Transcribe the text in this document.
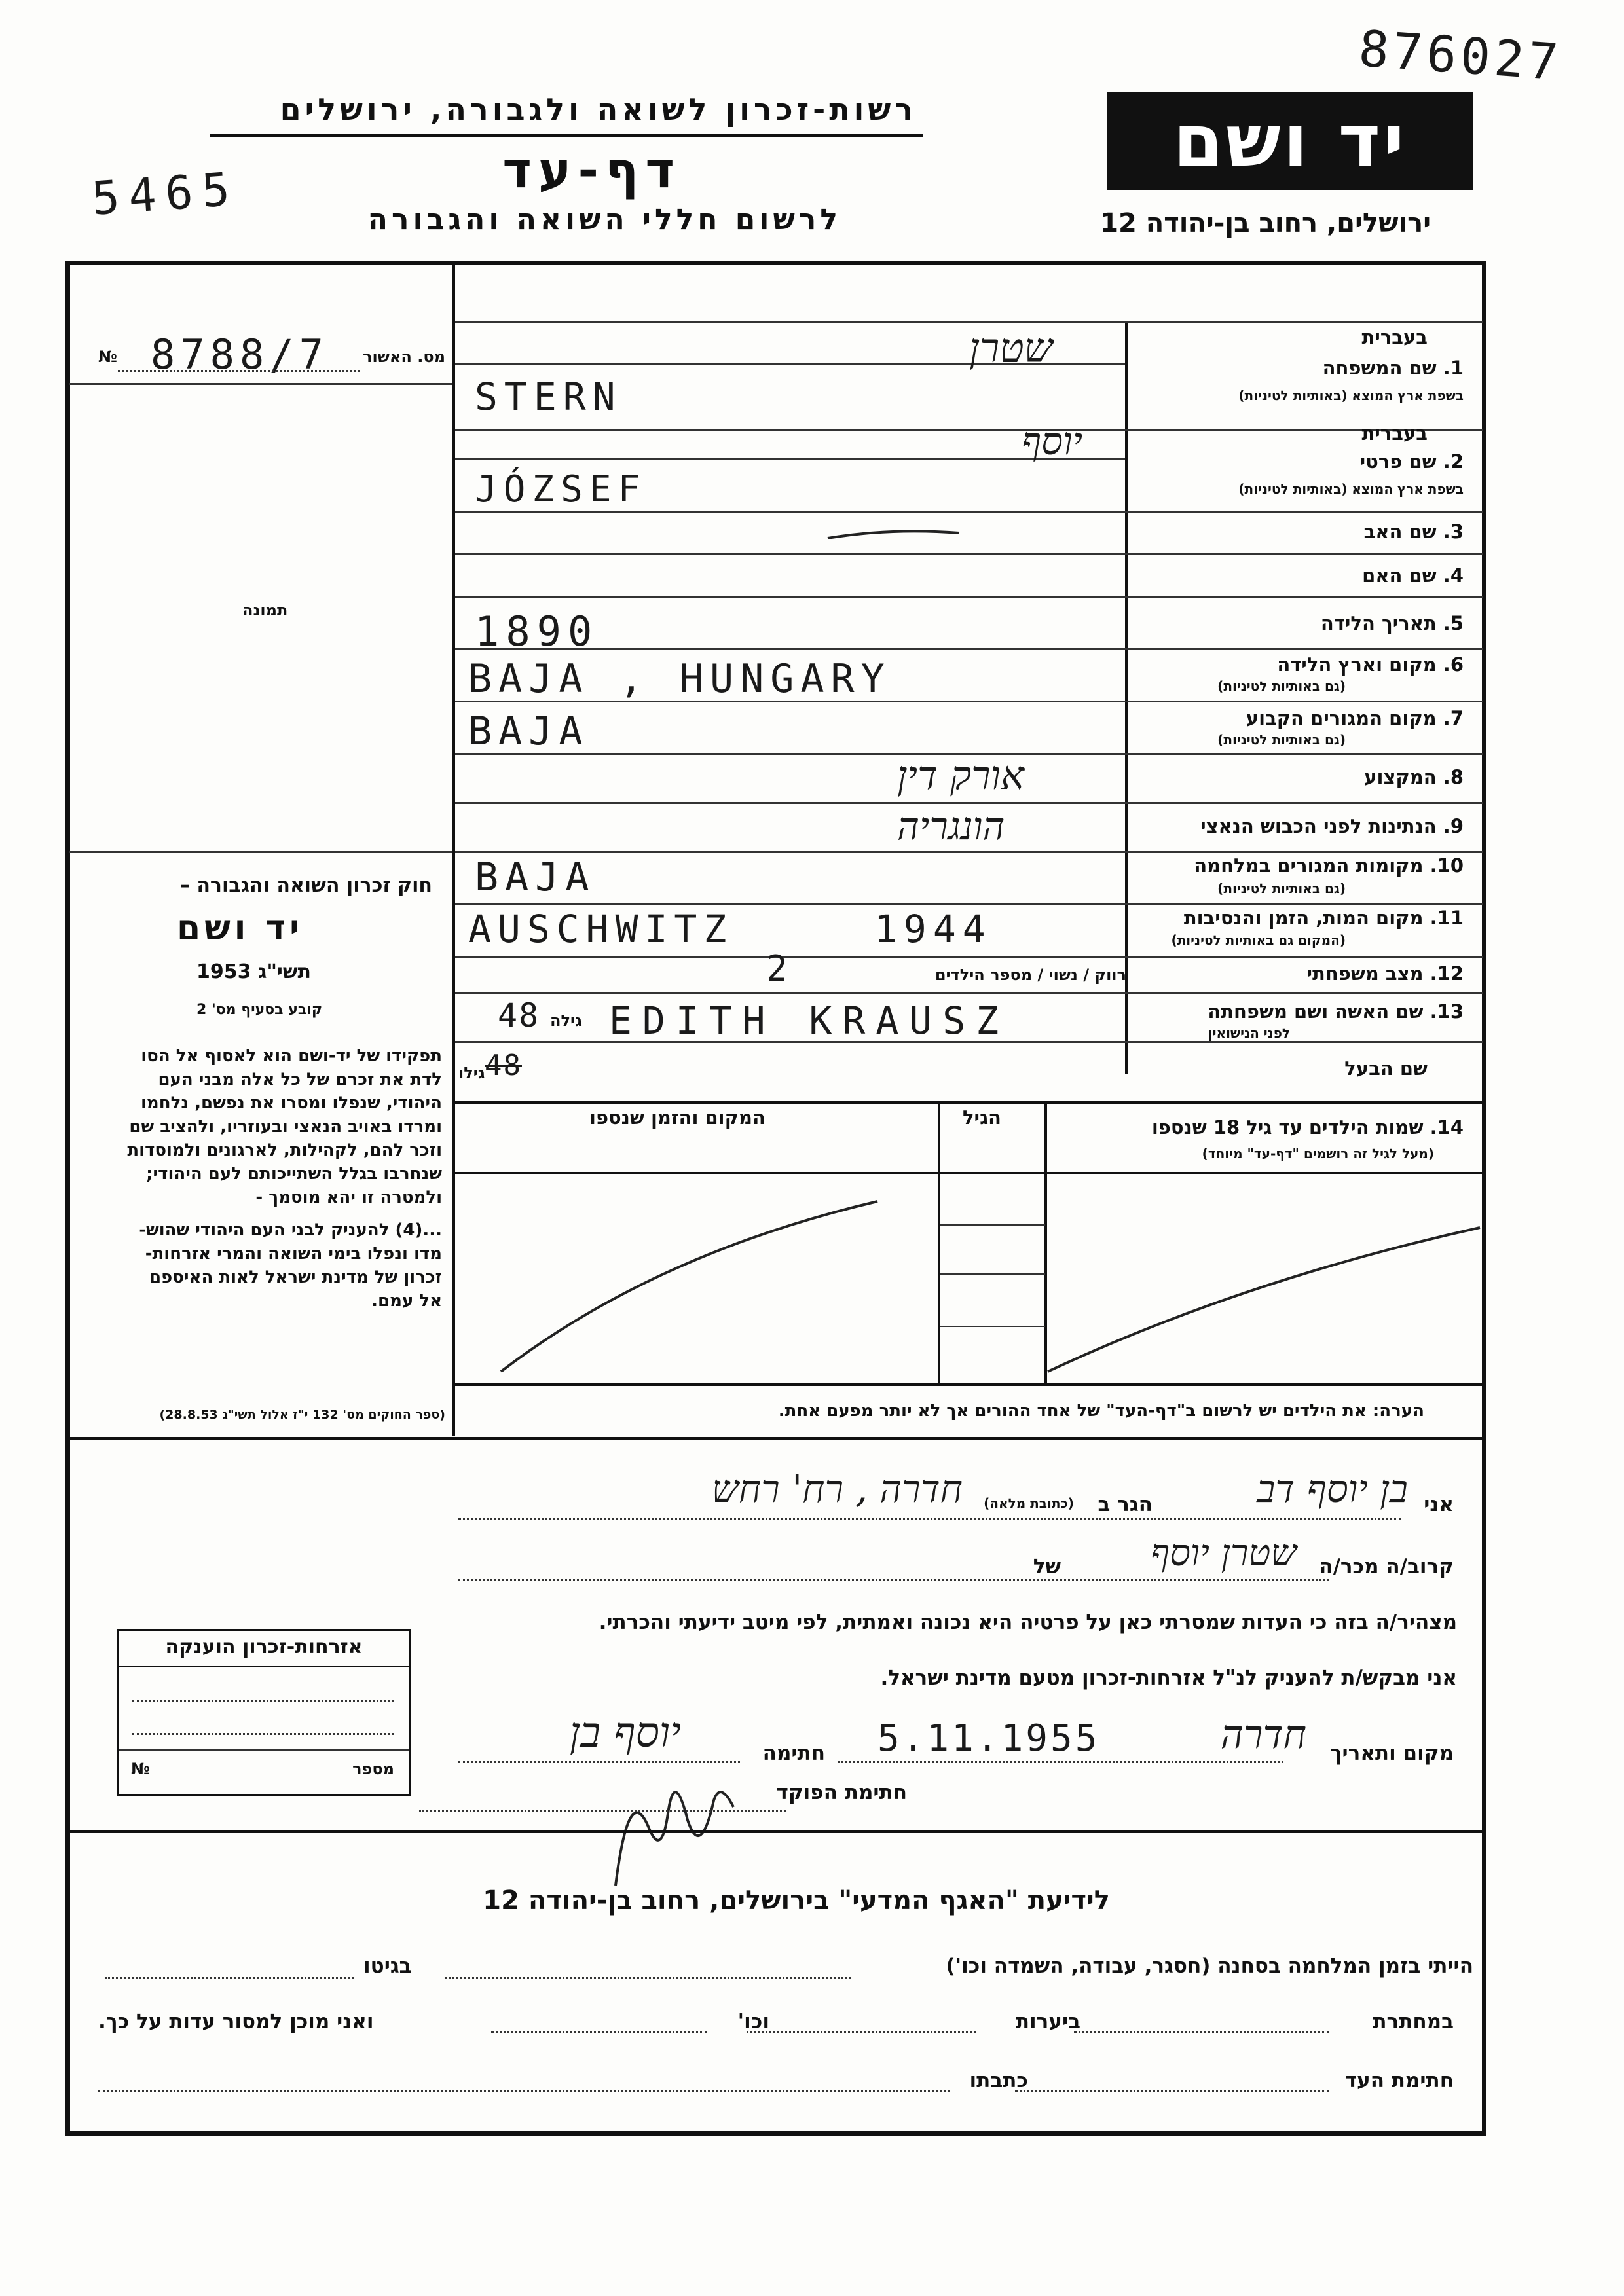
876027
5465
רשות-זכרון לשואה ולגבורה, ירושלים
דף-עד
לרשום חללי השואה והגבורה
יד ושם
ירושלים, רחוב בן-יהודה 12
№ 8788/7 מס. האשור
תמונה
חוק זכרון השואה והגבורה –
יד ושם
תשי"ג 1953
קובע בסעיף מס' 2
תפקידו של יד-ושם הוא לאסוף אל הסו
לדת את זכרם של כל אלה מבני העם
היהודי, שנפלו ומסרו את נפשם, נלחמו
ומרדו באויב הנאצי ובעוזריו, ולהציב שם
וזכר להם, לקהילות, לארגונים ולמוסדות
שנחרבו בגלל השתייכותם לעם היהודי;
ולמטרה זו יהא מוסמך -
...(4) להעניק לבני העם היהודי שהוש-
מדו ונפלו בימי השואה והמרי אזרחות-
זכרון של מדינת ישראל לאות האיספם
אל עמם.
(ספר החוקים מס' 132 י"ז אלול תשי"ג 28.8.53)
בעברית
1. שם המשפחה
בשפת ארץ המוצא (באותיות לטיניות)
שטרן
STERN
בעברית
2. שם פרטי
בשפת ארץ המוצא (באותיות לטיניות)
יוסף
JÓZSEF
3. שם האב
4. שם האם
5. תאריך הלידה
1890
6. מקום וארץ הלידה
(גם באותיות לטיניות)
BAJA , HUNGARY
7. מקום המגורים הקבוע
(גם באותיות לטיניות)
BAJA
8. המקצוע
אורק דין
9. הנתינות לפני הכבוש הנאצי
הונגריה
10. מקומות המגורים במלחמה
(גם באותיות לטיניות)
BAJA
11. מקום המות, הזמן והנסיבות
(המקום גם באותיות לטיניות)
AUSCHWITZ	1944
12. מצב משפחתי
רווק / נשוי / מספר הילדים
2
13. שם האשה ושם משפחתה
לפני הנישואין
48 גילה EDITH KRAUSZ
שם הבעל
48
גילו
14. שמות הילדים עד גיל 18 שנספו
(מעל לגיל זה רושמים "דף-עד" מיוחד)
הגיל
המקום והזמן שנספו
הערה: את הילדים יש לרשום ב"דף-העד" של אחד ההורים אך לא יותר מפעם אחת.
אני
בן יוסף דב
הגר ב
(כתובת מלאה)
חדרה , רח' רחש
קרוב/ה מכר/ה
שטרן יוסף
של
מצהיר/ה בזה כי העדות שמסרתי כאן על פרטיה היא נכונה ואמתית, לפי מיטב ידיעתי והכרתי.
אני מבקש/ת להעניק לנ"ל אזרחות-זכרון מטעם מדינת ישראל.
מקום ותאריך
חדרה
5.11.1955
חתימה
יוסף בן
חתימת הפוקד
אזרחות-זכרון הוענקה
№	מספר
לידיעת "האגף המדעי" בירושלים, רחוב בן-יהודה 12
הייתי בזמן המלחמה בסחנה (חסגר, עבודה, השמדה וכו')
בגיטו
במחתרת
ביערות
וכו'
ואני מוכן למסור עדות על כך.
חתימת העד
כתבתו
